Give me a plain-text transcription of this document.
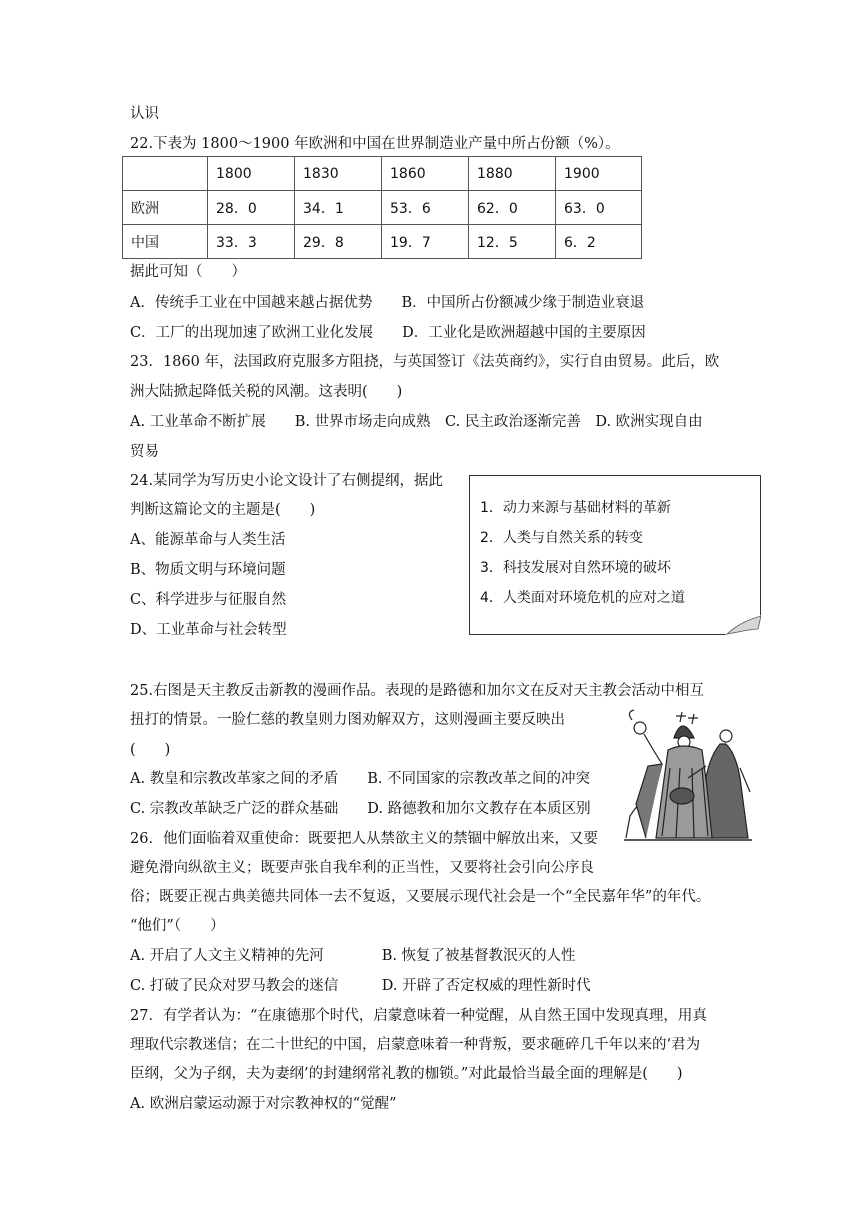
认识
22.下表为 1800～1900 年欧洲和中国在世界制造业产量中所占份额（%）。
	1800	1830	1860	1880	1900
欧洲	28．0	34．1	53．6	62．0	63．0
中国	33．3	29．8	19．7	12．5	6．2
据此可知（　　）
A．传统手工业在中国越来越占据优势　　B．中国所占份额减少缘于制造业衰退
C．工厂的出现加速了欧洲工业化发展　　D．工业化是欧洲超越中国的主要原因
23．1860 年，法国政府克服多方阻挠，与英国签订《法英商约》，实行自由贸易。此后，欧
洲大陆掀起降低关税的风潮。这表明(　　)
A. 工业革命不断扩展　　B. 世界市场走向成熟　C. 民主政治逐渐完善　D. 欧洲实现自由
贸易
24.某同学为写历史小论文设计了右侧提纲，据此
判断这篇论文的主题是(　　)
A、能源革命与人类生活
B、物质文明与环境问题
C、科学进步与征服自然
D、工业革命与社会转型
1．动力来源与基础材料的革新
2．人类与自然关系的转变
3．科技发展对自然环境的破坏
4．人类面对环境危机的应对之道
25.右图是天主教反击新教的漫画作品。表现的是路德和加尔文在反对天主教会活动中相互
扭打的情景。一脸仁慈的教皇则力图劝解双方，这则漫画主要反映出
(　　)
A. 教皇和宗教改革家之间的矛盾　　B. 不同国家的宗教改革之间的冲突
C. 宗教改革缺乏广泛的群众基础　　D. 路德教和加尔文教存在本质区别
26．他们面临着双重使命：既要把人从禁欲主义的禁锢中解放出来，又要
避免滑向纵欲主义；既要声张自我牟利的正当性，又要将社会引向公序良
俗；既要正视古典美德共同体一去不复返，又要展示现代社会是一个“全民嘉年华”的年代。
“他们”（　　）
A. 开启了人文主义精神的先河　　　　B. 恢复了被基督教泯灭的人性
C. 打破了民众对罗马教会的迷信　　　D. 开辟了否定权威的理性新时代
27．有学者认为：“在康德那个时代，启蒙意味着一种觉醒，从自然王国中发现真理，用真
理取代宗教迷信；在二十世纪的中国，启蒙意味着一种背叛，要求砸碎几千年以来的‘君为
臣纲，父为子纲，夫为妻纲’的封建纲常礼教的枷锁。”对此最恰当最全面的理解是(　　)
A. 欧洲启蒙运动源于对宗教神权的“觉醒”
